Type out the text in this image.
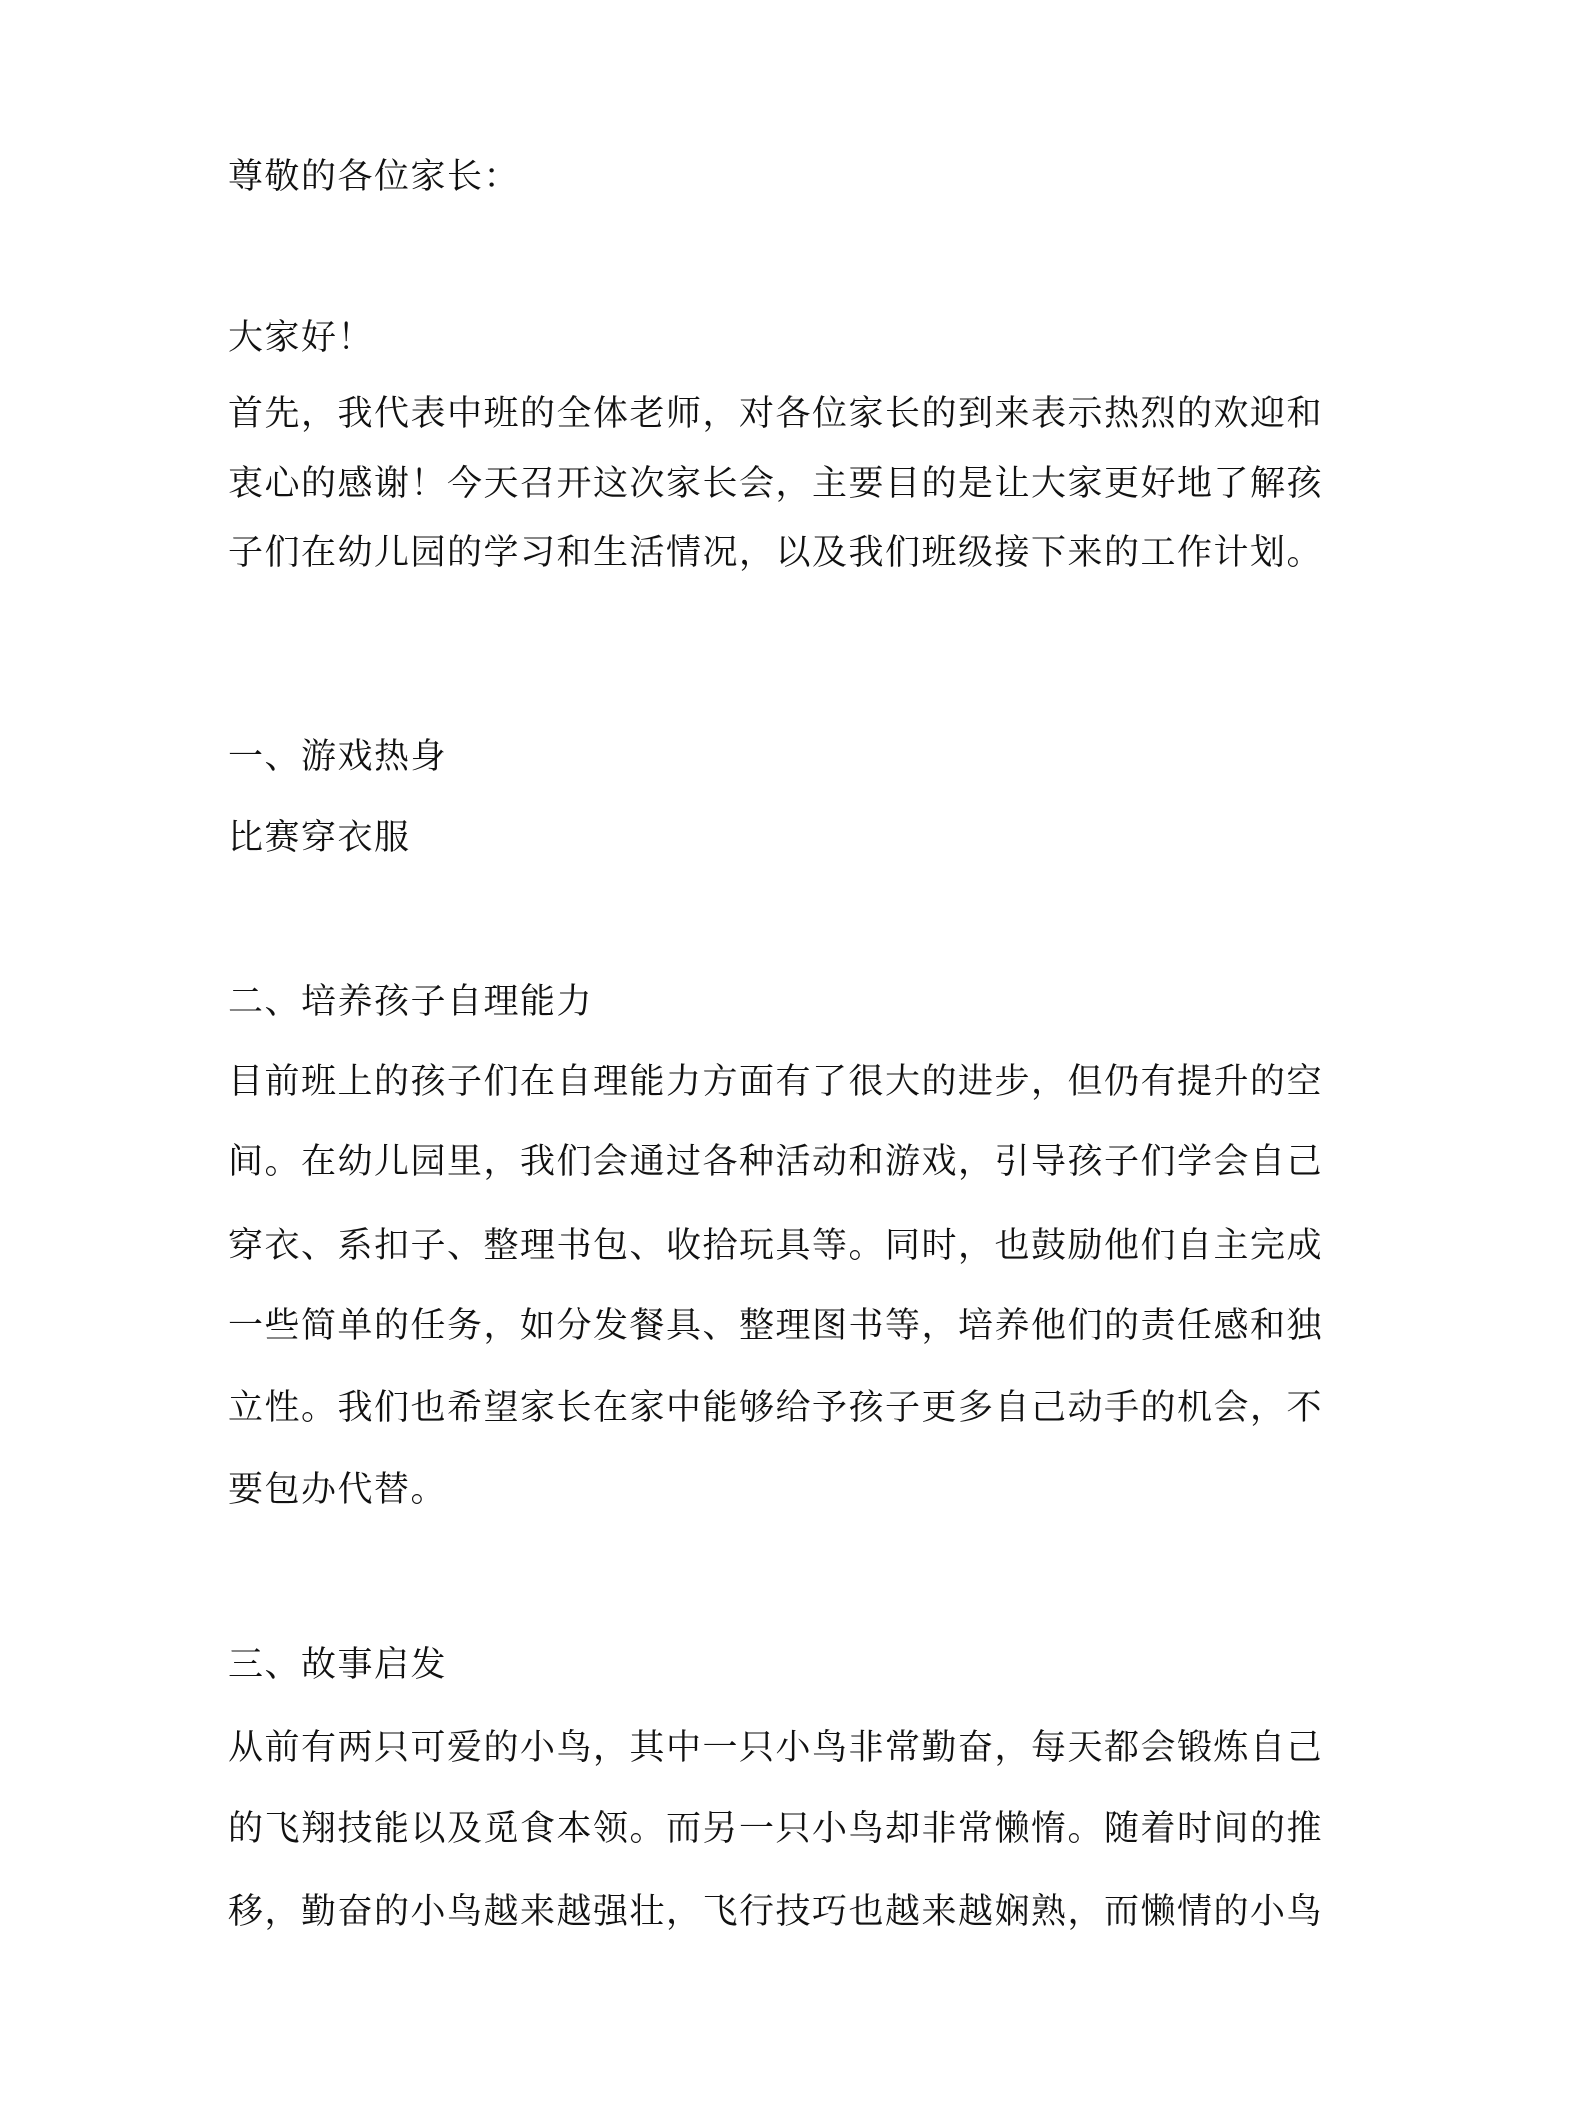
尊敬的各位家长：
大家好！
首先，我代表中班的全体老师，对各位家长的到来表示热烈的欢迎和
衷心的感谢！今天召开这次家长会，主要目的是让大家更好地了解孩
子们在幼儿园的学习和生活情况，以及我们班级接下来的工作计划。
一、游戏热身
比赛穿衣服
二、培养孩子自理能力
目前班上的孩子们在自理能力方面有了很大的进步，但仍有提升的空
间。在幼儿园里，我们会通过各种活动和游戏，引导孩子们学会自己
穿衣、系扣子、整理书包、收拾玩具等。同时，也鼓励他们自主完成
一些简单的任务，如分发餐具、整理图书等，培养他们的责任感和独
立性。我们也希望家长在家中能够给予孩子更多自己动手的机会，不
要包办代替。
三、故事启发
从前有两只可爱的小鸟，其中一只小鸟非常勤奋，每天都会锻炼自己
的飞翔技能以及觅食本领。而另一只小鸟却非常懒惰。随着时间的推
移，勤奋的小鸟越来越强壮，飞行技巧也越来越娴熟，而懒情的小鸟
